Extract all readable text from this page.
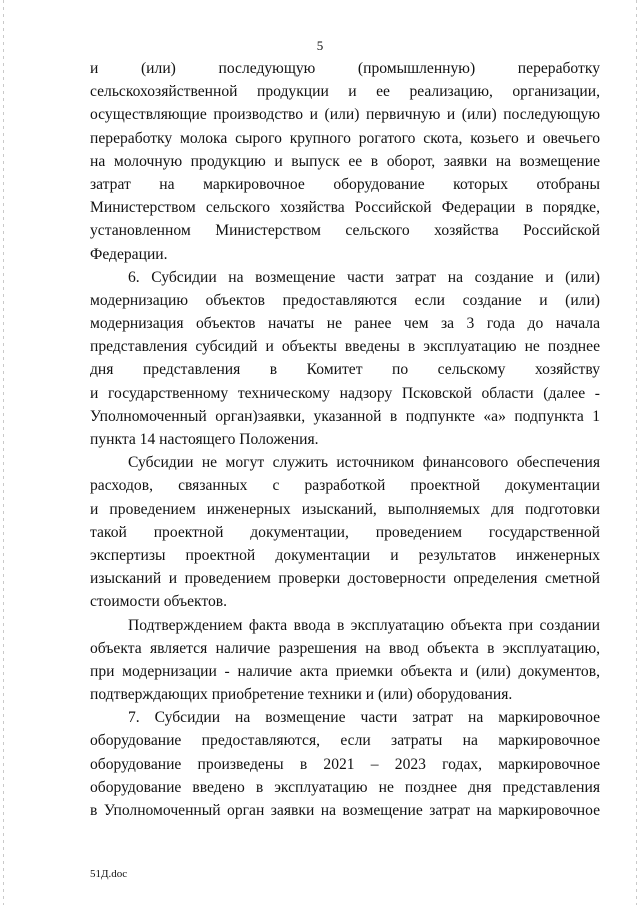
5
и (или) последующую (промышленную) переработку
сельскохозяйственной продукции и ее реализацию, организации,
осуществляющие производство и (или) первичную и (или) последующую
переработку молока сырого крупного рогатого скота, козьего и овечьего
на молочную продукцию и выпуск ее в оборот, заявки на возмещение
затрат на маркировочное оборудование которых отобраны
Министерством сельского хозяйства Российской Федерации в порядке,
установленном Министерством сельского хозяйства Российской
Федерации.
6. Субсидии на возмещение части затрат на создание и (или)
модернизацию объектов предоставляются если создание и (или)
модернизация объектов начаты не ранее чем за 3 года до начала
представления субсидий и объекты введены в эксплуатацию не позднее
дня представления в Комитет по сельскому хозяйству
и государственному техническому надзору Псковской области (далее -
Уполномоченный орган)заявки, указанной в подпункте «а» подпункта 1
пункта 14 настоящего Положения.
Субсидии не могут служить источником финансового обеспечения
расходов, связанных с разработкой проектной документации
и проведением инженерных изысканий, выполняемых для подготовки
такой проектной документации, проведением государственной
экспертизы проектной документации и результатов инженерных
изысканий и проведением проверки достоверности определения сметной
стоимости объектов.
Подтверждением факта ввода в эксплуатацию объекта при создании
объекта является наличие разрешения на ввод объекта в эксплуатацию,
при модернизации - наличие акта приемки объекта и (или) документов,
подтверждающих приобретение техники и (или) оборудования.
7. Субсидии на возмещение части затрат на маркировочное
оборудование предоставляются, если затраты на маркировочное
оборудование произведены в 2021 – 2023 годах, маркировочное
оборудование введено в эксплуатацию не позднее дня представления
в Уполномоченный орган заявки на возмещение затрат на маркировочное
51Д.doc
